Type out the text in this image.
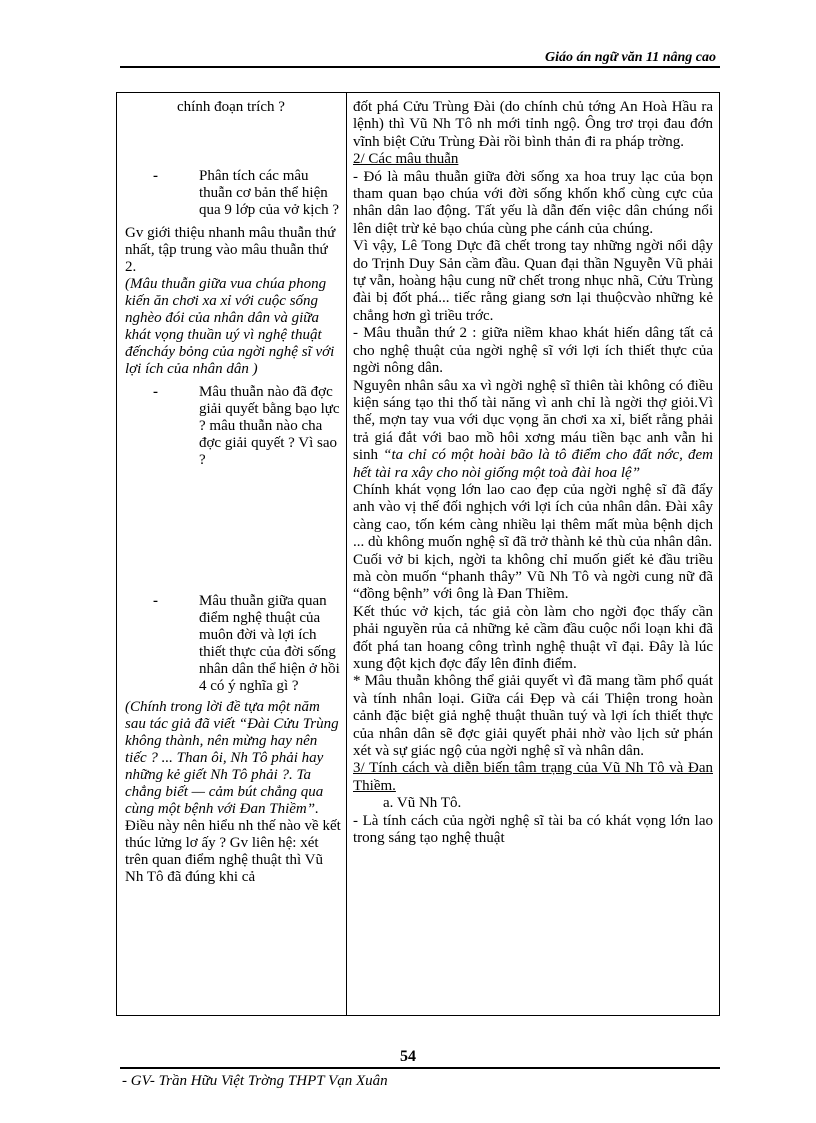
Giáo án ngữ văn 11 nâng cao

chính đoạn trích ?

-	Phân tích các mâu thuẫn cơ bản thể hiện qua 9 lớp của vở kịch ?

Gv giới thiệu nhanh mâu thuẫn thứ nhất, tập trung vào mâu thuẫn thứ 2.

(Mâu thuẫn giữa vua chúa phong kiến ăn chơi xa xỉ với cuộc sống nghèo đói của nhân dân và giữa khát vọng thuần uý vì nghệ thuật đếncháy bỏng của ngời nghệ sĩ với lợi ích của nhân dân )

-	Mâu thuẫn nào đã đợc giải quyết bằng bạo lực ? mâu thuẫn nào cha đợc giải quyết ? Vì sao ?
-	Mâu thuẫn giữa quan điểm nghệ thuật của muôn đời và lợi ích thiết thực của đời sống nhân dân thể hiện ở hồi 4 có ý nghĩa gì ?

(Chính trong lời đề tựa một năm sau tác giả đã viết “Đài Cửu Trùng không thành, nên mừng hay nên tiếc ? ... Than ôi, Nh Tô phải hay những kẻ giết Nh Tô phải ?. Ta chẳng biết — cảm bút chẳng qua cùng một bệnh với Đan Thiềm”.

Điều này nên hiểu nh thế nào về kết thúc lửng lơ ấy ? Gv liên hệ: xét trên quan điểm nghệ thuật thì Vũ Nh Tô đã đúng khi cả

đốt phá Cửu Trùng Đài (do chính chủ tớng An Hoà Hầu ra lệnh) thì Vũ Nh Tô nh mới tỉnh ngộ. Ông trơ trọi đau đớn vĩnh biệt Cửu Trùng Đài rồi bình thản đi ra pháp trờng.

2/ Các mâu thuẫn

- Đó là mâu thuẫn giữa đời sống xa hoa truy lạc của bọn tham quan bạo chúa với đời sống khốn khổ cùng cực của nhân dân lao động. Tất yếu là dẫn đến việc dân chúng nổi lên diệt trừ kẻ bạo chúa cùng phe cánh của chúng.

Vì vậy, Lê Tong Dực đã chết trong tay những ngời nổi dậy do Trịnh Duy Sản cầm đầu. Quan đại thần Nguyễn Vũ phải tự vẫn, hoàng hậu cung nữ chết trong nhục nhã, Cửu Trùng đài bị đốt phá... tiếc rằng giang sơn lại thuộcvào những kẻ chẳng hơn gì triều trớc.

- Mâu thuẫn thứ 2 : giữa niềm khao khát hiến dâng tất cả cho nghệ thuật của ngời nghệ sĩ với lợi ích thiết thực của ngời nông dân.

Nguyên nhân sâu xa vì ngời nghệ sĩ thiên tài không có điều kiện sáng tạo thi thố tài năng vì anh chỉ là ngời thợ giỏi.Vì thế, mợn tay vua với dục vọng ăn chơi xa xỉ, biết rằng phải trả giá đắt với bao mồ hôi xơng máu tiền bạc anh vẫn hi sinh “ta chỉ có một hoài bão là tô điểm cho đất nớc, đem hết tài ra xây cho nòi giống một toà đài hoa lệ”

Chính khát vọng lớn lao cao đẹp của ngời nghệ sĩ đã đẩy anh vào vị thế đối nghịch với lợi ích của nhân dân. Đài xây càng cao, tốn kém càng nhiều lại thêm mất mùa bệnh dịch ... dù không muốn nghệ sĩ đã trở thành kẻ thù của nhân dân.

Cuối vở bi kịch, ngời ta không chỉ muốn giết kẻ đầu triều mà còn muốn “phanh thây” Vũ Nh Tô và ngời cung nữ đã “đồng bệnh” với ông là Đan Thiềm.

Kết thúc vở kịch, tác giả còn làm cho ngời đọc thấy cần phải nguyền rủa cả những kẻ cầm đầu cuộc nổi loạn khi đã đốt phá tan hoang công trình nghệ thuật vĩ đại. Đây là lúc xung đột kịch đợc đẩy lên đỉnh điểm.

* Mâu thuẫn không thể giải quyết vì đã mang tầm phổ quát và tính nhân loại. Giữa cái Đẹp và cái Thiện trong hoàn cảnh đặc biệt giả nghệ thuật thuần tuý và lợi ích thiết thực của nhân dân sẽ đợc giải quyết phải nhờ vào lịch sử phán xét và sự giác ngộ của ngời nghệ sĩ và nhân dân.

3/ Tính cách và diễn biến tâm trạng của Vũ Nh Tô và Đan Thiềm.

a. Vũ Nh Tô.

- Là tính cách của ngời nghệ sĩ tài ba có khát vọng lớn lao trong sáng tạo nghệ thuật

54
- GV- Trần Hữu Việt Trờng THPT Vạn Xuân
